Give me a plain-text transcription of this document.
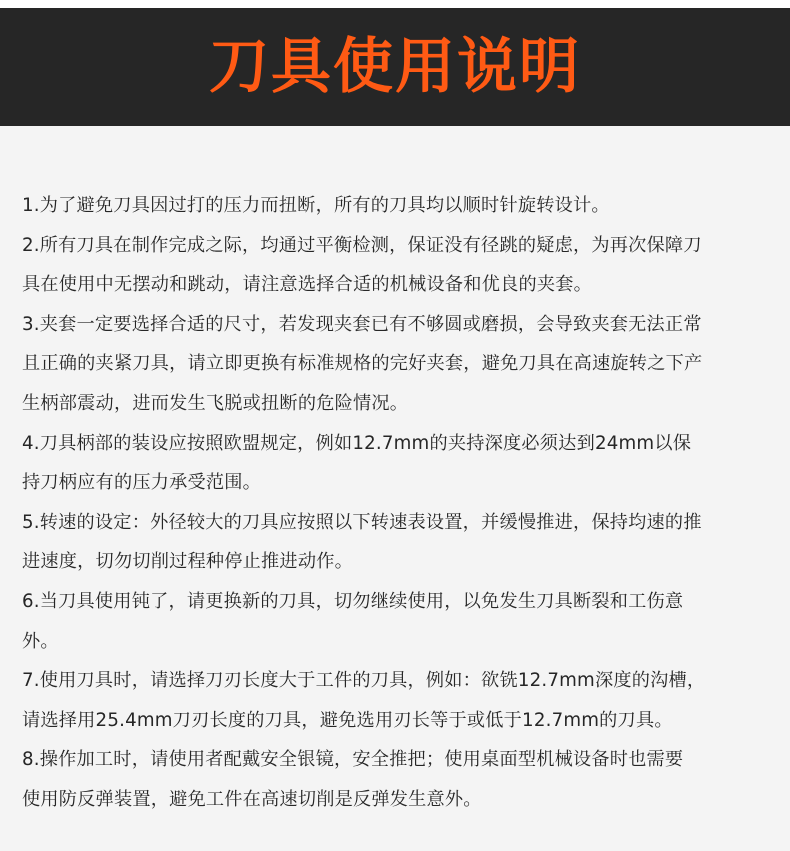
刀具使用说明
1.为了避免刀具因过打的压力而扭断，所有的刀具均以顺时针旋转设计。
2.所有刀具在制作完成之际，均通过平衡检测，保证没有径跳的疑虑，为再次保障刀
具在使用中无摆动和跳动，请注意选择合适的机械设备和优良的夹套。
3.夹套一定要选择合适的尺寸，若发现夹套已有不够圆或磨损，会导致夹套无法正常
且正确的夹紧刀具，请立即更换有标准规格的完好夹套，避免刀具在高速旋转之下产
生柄部震动，进而发生飞脱或扭断的危险情况。
4.刀具柄部的装设应按照欧盟规定，例如12.7mm的夹持深度必须达到24mm以保
持刀柄应有的压力承受范围。
5.转速的设定：外径较大的刀具应按照以下转速表设置，并缓慢推进，保持均速的推
进速度，切勿切削过程种停止推进动作。
6.当刀具使用钝了，请更换新的刀具，切勿继续使用，以免发生刀具断裂和工伤意
外。
7.使用刀具时，请选择刀刃长度大于工件的刀具，例如：欲铣12.7mm深度的沟槽，
请选择用25.4mm刀刃长度的刀具，避免选用刃长等于或低于12.7mm的刀具。
8.操作加工时，请使用者配戴安全银镜，安全推把；使用桌面型机械设备时也需要
使用防反弹装置，避免工件在高速切削是反弹发生意外。
